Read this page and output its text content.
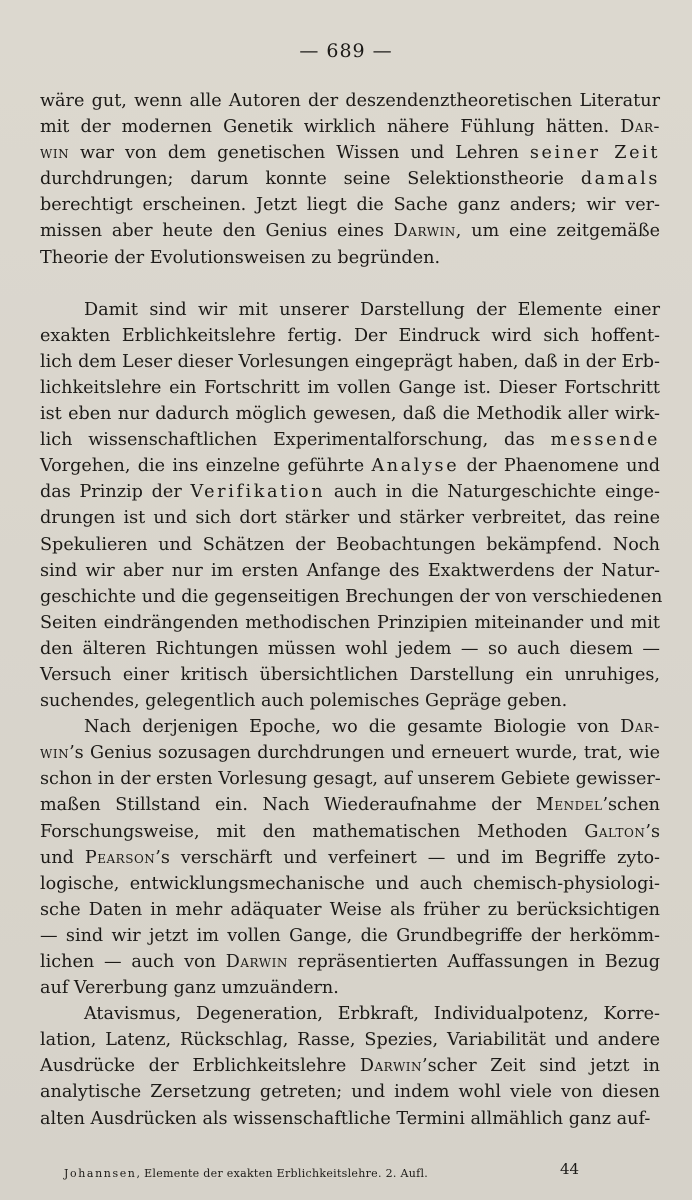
— 689 —
wäre gut, wenn alle Autoren der deszendenztheoretischen Literatur
mit der modernen Genetik wirklich nähere Fühlung hätten. Dar-
win war von dem genetischen Wissen und Lehren seiner Zeit
durchdrungen; darum konnte seine Selektionstheorie damals
berechtigt erscheinen. Jetzt liegt die Sache ganz anders; wir ver-
missen aber heute den Genius eines Darwin, um eine zeitgemäße
Theorie der Evolutionsweisen zu begründen.
Damit sind wir mit unserer Darstellung der Elemente einer
exakten Erblichkeitslehre fertig. Der Eindruck wird sich hoffent-
lich dem Leser dieser Vorlesungen eingeprägt haben, daß in der Erb-
lichkeitslehre ein Fortschritt im vollen Gange ist. Dieser Fortschritt
ist eben nur dadurch möglich gewesen, daß die Methodik aller wirk-
lich wissenschaftlichen Experimentalforschung, das messende
Vorgehen, die ins einzelne geführte Analyse der Phaenomene und
das Prinzip der Verifikation auch in die Naturgeschichte einge-
drungen ist und sich dort stärker und stärker verbreitet, das reine
Spekulieren und Schätzen der Beobachtungen bekämpfend. Noch
sind wir aber nur im ersten Anfange des Exaktwerdens der Natur-
geschichte und die gegenseitigen Brechungen der von verschiedenen
Seiten eindrängenden methodischen Prinzipien miteinander und mit
den älteren Richtungen müssen wohl jedem — so auch diesem —
Versuch einer kritisch übersichtlichen Darstellung ein unruhiges,
suchendes, gelegentlich auch polemisches Gepräge geben.
Nach derjenigen Epoche, wo die gesamte Biologie von Dar-
win’s Genius sozusagen durchdrungen und erneuert wurde, trat, wie
schon in der ersten Vorlesung gesagt, auf unserem Gebiete gewisser-
maßen Stillstand ein. Nach Wiederaufnahme der Mendel’schen
Forschungsweise, mit den mathematischen Methoden Galton’s
und Pearson’s verschärft und verfeinert — und im Begriffe zyto-
logische, entwicklungsmechanische und auch chemisch-physiologi-
sche Daten in mehr adäquater Weise als früher zu berücksichtigen
— sind wir jetzt im vollen Gange, die Grundbegriffe der herkömm-
lichen — auch von Darwin repräsentierten Auffassungen in Bezug
auf Vererbung ganz umzuändern.
Atavismus, Degeneration, Erbkraft, Individualpotenz, Korre-
lation, Latenz, Rückschlag, Rasse, Spezies, Variabilität und andere
Ausdrücke der Erblichkeitslehre Darwin’scher Zeit sind jetzt in
analytische Zersetzung getreten; und indem wohl viele von diesen
alten Ausdrücken als wissenschaftliche Termini allmählich ganz auf-
Johannsen, Elemente der exakten Erblichkeitslehre. 2. Aufl.	44
